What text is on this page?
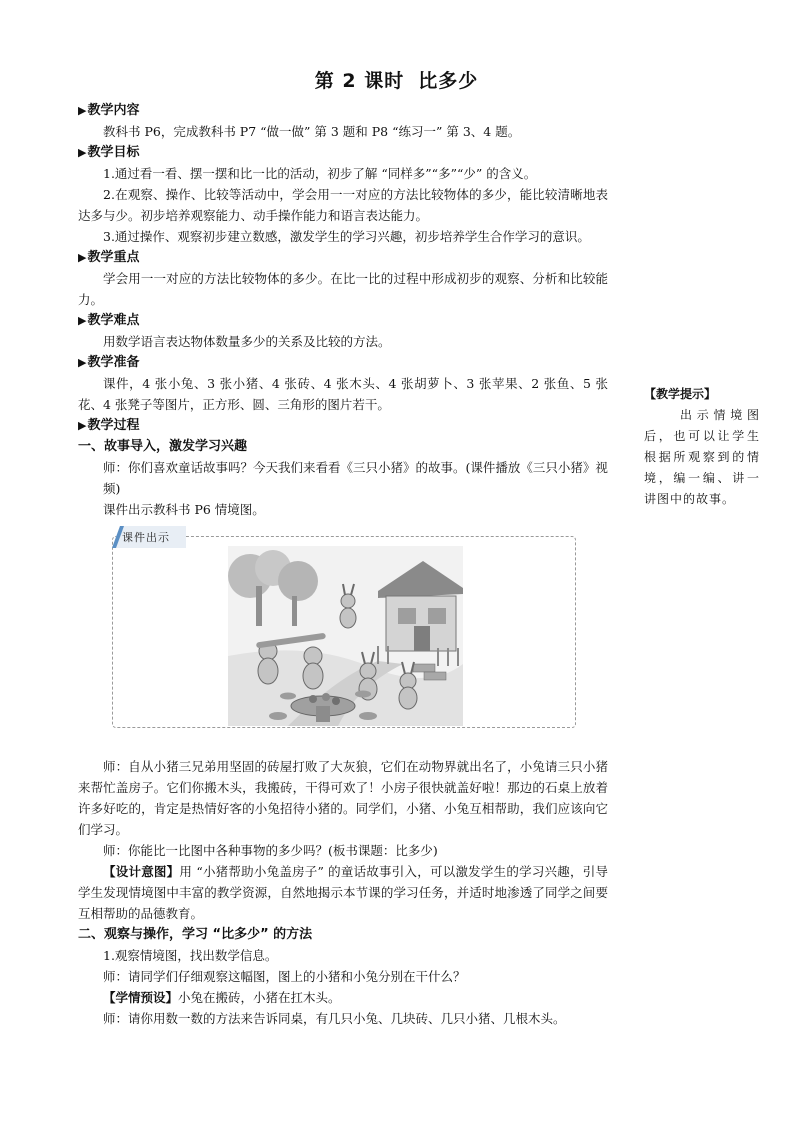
第 2 课时 比多少
▶教学内容
教科书 P6，完成教科书 P7 “做一做” 第 3 题和 P8 “练习一” 第 3、4 题。
▶教学目标
1.通过看一看、摆一摆和比一比的活动，初步了解 “同样多”“多”“少” 的含义。
2.在观察、操作、比较等活动中，学会用一一对应的方法比较物体的多少，能比较清晰地表达多与少。初步培养观察能力、动手操作能力和语言表达能力。
3.通过操作、观察初步建立数感，激发学生的学习兴趣，初步培养学生合作学习的意识。
▶教学重点
学会用一一对应的方法比较物体的多少。在比一比的过程中形成初步的观察、分析和比较能力。
▶教学难点
用数学语言表达物体数量多少的关系及比较的方法。
▶教学准备
课件，4 张小兔、3 张小猪、4 张砖、4 张木头、4 张胡萝卜、3 张苹果、2 张鱼、5 张花、4 张凳子等图片，正方形、圆、三角形的图片若干。
▶教学过程
一、故事导入，激发学习兴趣
师：你们喜欢童话故事吗？今天我们来看看《三只小猪》的故事。(课件播放《三只小猪》视频)
课件出示教科书 P6 情境图。
课件出示
师：自从小猪三兄弟用坚固的砖屋打败了大灰狼，它们在动物界就出名了，小兔请三只小猪来帮忙盖房子。它们你搬木头，我搬砖，干得可欢了！小房子很快就盖好啦！那边的石桌上放着许多好吃的，肯定是热情好客的小兔招待小猪的。同学们，小猪、小兔互相帮助，我们应该向它们学习。
师：你能比一比图中各种事物的多少吗？(板书课题：比多少)
【设计意图】用 “小猪帮助小兔盖房子” 的童话故事引入，可以激发学生的学习兴趣，引导学生发现情境图中丰富的教学资源，自然地揭示本节课的学习任务，并适时地渗透了同学之间要互相帮助的品德教育。
二、观察与操作，学习 “比多少” 的方法
1.观察情境图，找出数学信息。
师：请同学们仔细观察这幅图，图上的小猪和小兔分别在干什么？
【学情预设】小兔在搬砖，小猪在扛木头。
师：请你用数一数的方法来告诉同桌，有几只小兔、几块砖、几只小猪、几根木头。
【教学提示】
出示情境图后，也可以让学生根据所观察到的情境，编一编、讲一讲图中的故事。
